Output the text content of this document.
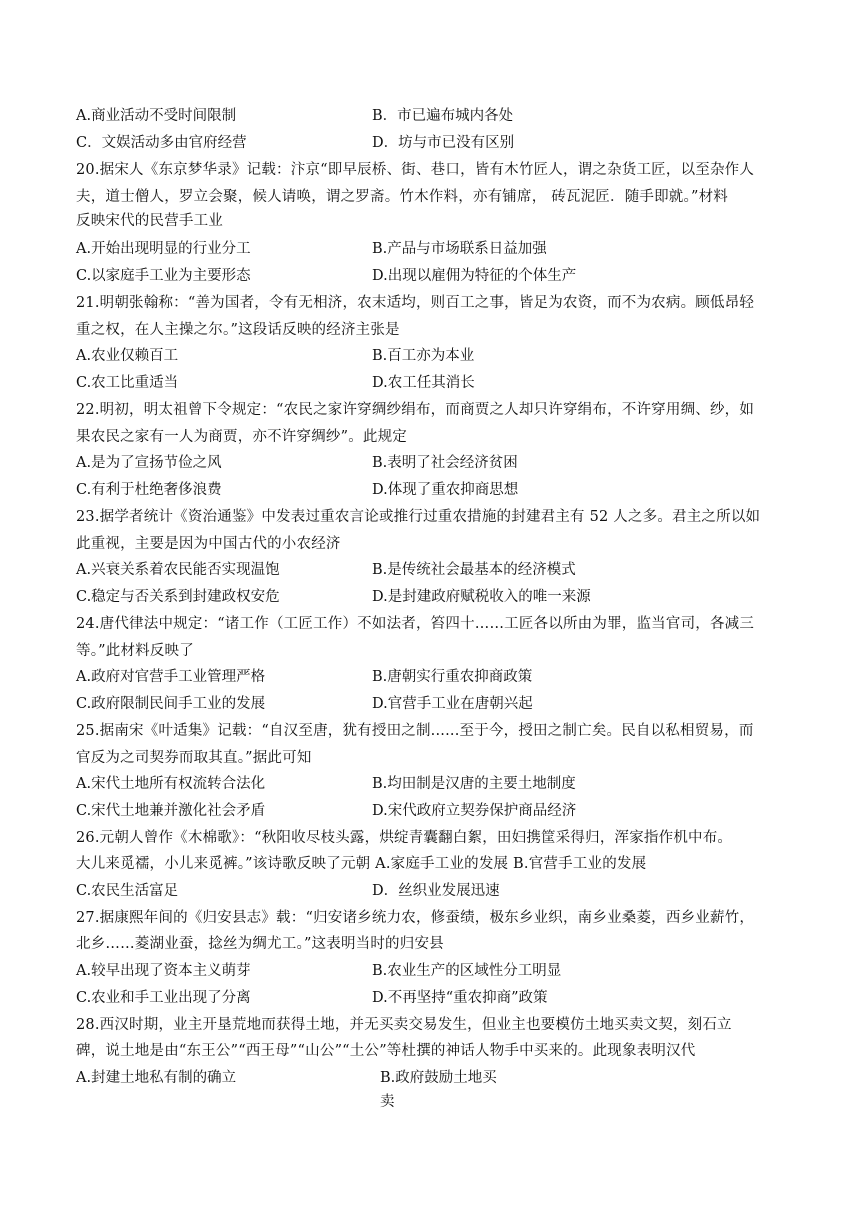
A.商业活动不受时间限制	B．市已遍布城内各处
C．文娱活动多由官府经营	D．坊与市已没有区别
20.据宋人《东京梦华录》记载：汴京“即早辰桥、街、巷口，皆有木竹匠人，谓之杂货工匠，以至杂作人
夫，道士僧人，罗立会聚，候人请唤，谓之罗斋。竹木作料，亦有铺席， 砖瓦泥匠．随手即就。”材料
反映宋代的民营手工业
A.开始出现明显的行业分工	B.产品与市场联系日益加强
C.以家庭手工业为主要形态	D.出现以雇佣为特征的个体生产
21.明朝张翰称：“善为国者，令有无相济，农末适均，则百工之事，皆足为农资，而不为农病。顾低昂轻
重之权，在人主操之尔。”这段话反映的经济主张是
A.农业仅赖百工	B.百工亦为本业
C.农工比重适当	D.农工任其消长
22.明初，明太祖曾下令规定：“农民之家许穿绸纱绢布，而商贾之人却只许穿绢布，不许穿用绸、纱，如
果农民之家有一人为商贾，亦不许穿绸纱”。此规定
A.是为了宣扬节俭之风	B.表明了社会经济贫困
C.有利于杜绝奢侈浪费	D.体现了重农抑商思想
23.据学者统计《资治通鉴》中发表过重农言论或推行过重农措施的封建君主有 52 人之多。君主之所以如
此重视，主要是因为中国古代的小农经济
A.兴衰关系着农民能否实现温饱	B.是传统社会最基本的经济模式
C.稳定与否关系到封建政权安危	D.是封建政府赋税收入的唯一来源
24.唐代律法中规定：“诸工作（工匠工作）不如法者，笞四十……工匠各以所由为罪，监当官司，各减三
等。”此材料反映了
A.政府对官营手工业管理严格	B.唐朝实行重农抑商政策
C.政府限制民间手工业的发展	D.官营手工业在唐朝兴起
25.据南宋《叶适集》记载：“自汉至唐，犹有授田之制......至于今，授田之制亡矣。民自以私相贸易，而
官反为之司契券而取其直。”据此可知
A.宋代土地所有权流转合法化	B.均田制是汉唐的主要土地制度
C.宋代土地兼并激化社会矛盾	D.宋代政府立契券保护商品经济
26.元朝人曾作《木棉歌》：“秋阳收尽枝头露，烘绽青囊翻白絮，田妇携筐采得归，浑家指作机中布。
大儿来觅襦，小儿来觅裤。”该诗歌反映了元朝 A.家庭手工业的发展 B.官营手工业的发展
C.农民生活富足	D．丝织业发展迅速
27.据康熙年间的《归安县志》载：“归安诸乡统力农，修蚕绩，极东乡业织，南乡业桑菱，西乡业薪竹，
北乡……菱湖业蚕，捻丝为绸尤工。”这表明当时的归安县
A.较早出现了资本主义萌芽	B.农业生产的区域性分工明显
C.农业和手工业出现了分离	D.不再坚持“重农抑商”政策
28.西汉时期，业主开垦荒地而获得土地，并无买卖交易发生，但业主也要模仿土地买卖文契，刻石立
碑，说土地是由“东王公”“西王母”“山公”“土公”等杜撰的神话人物手中买来的。此现象表明汉代
A.封建土地私有制的确立	B.政府鼓励土地买
卖
